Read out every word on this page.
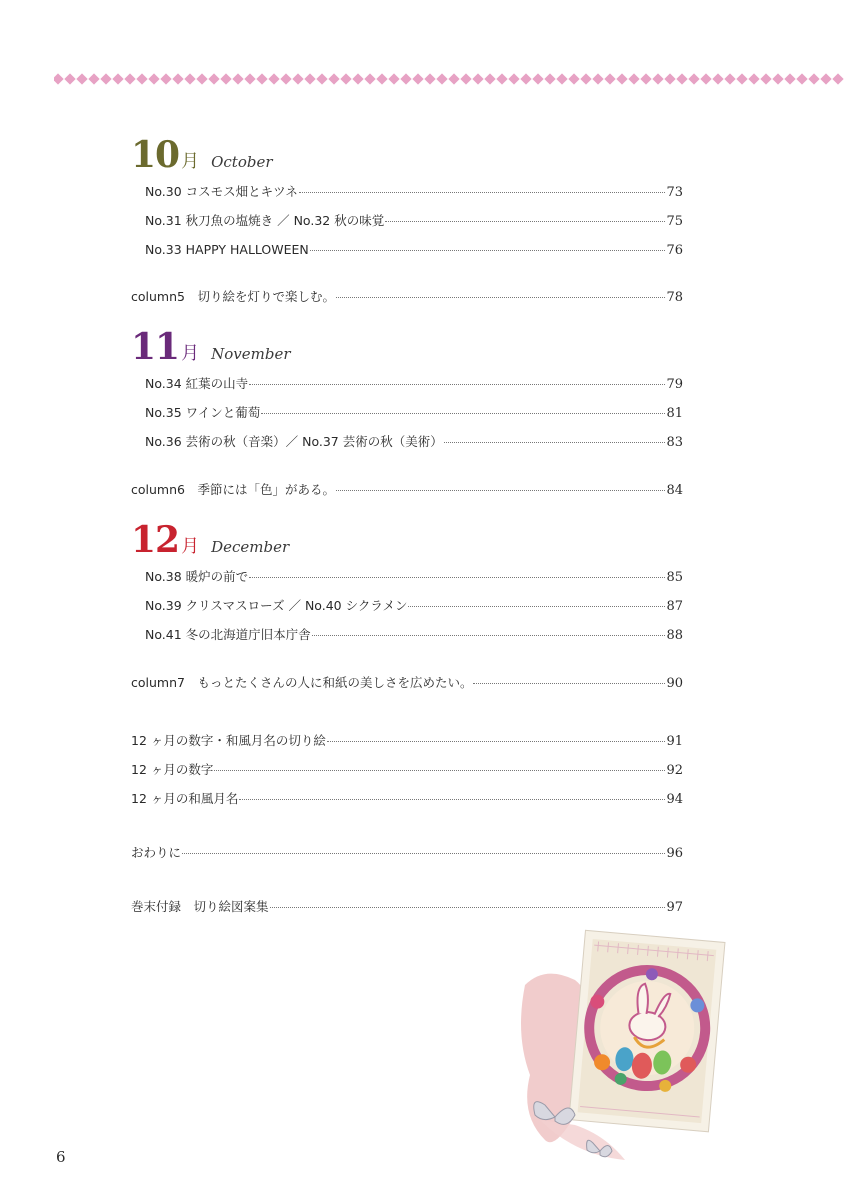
10 月 October
No.30 コスモス畑とキツネ	73
No.31 秋刀魚の塩焼き ／ No.32 秋の味覚	75
No.33 HAPPY HALLOWEEN	76
column5　切り絵を灯りで楽しむ。	78
11 月 November
No.34 紅葉の山寺	79
No.35 ワインと葡萄	81
No.36 芸術の秋（音楽）／ No.37 芸術の秋（美術）	83
column6　季節には「色」がある。	84
12 月 December
No.38 暖炉の前で	85
No.39 クリスマスローズ ／ No.40 シクラメン	87
No.41 冬の北海道庁旧本庁舎	88
column7　もっとたくさんの人に和紙の美しさを広めたい。	90
12 ヶ月の数字・和風月名の切り絵	91
12 ヶ月の数字	92
12 ヶ月の和風月名	94
おわりに	96
巻末付録　切り絵図案集	97
6
